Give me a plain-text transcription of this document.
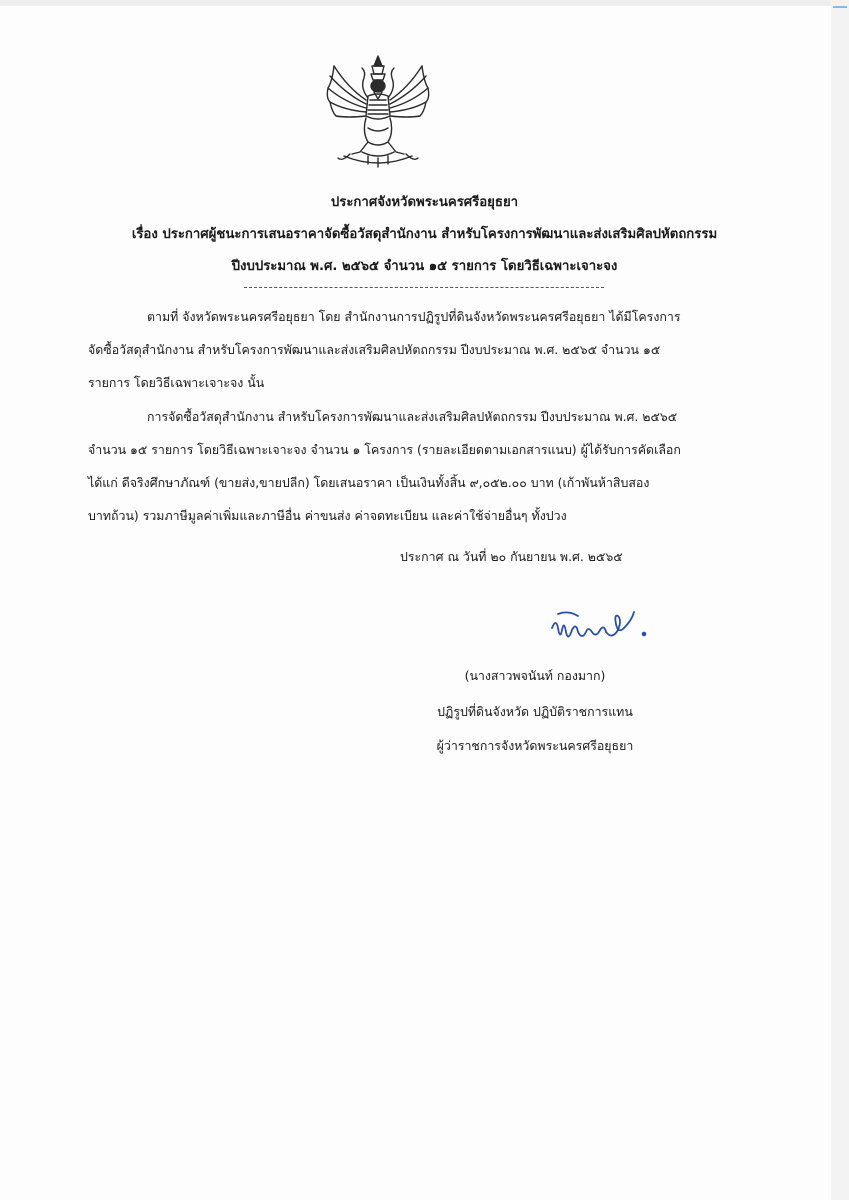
ประกาศจังหวัดพระนครศรีอยุธยา
เรื่อง ประกาศผู้ชนะการเสนอราคาจัดซื้อวัสดุสำนักงาน สำหรับโครงการพัฒนาและส่งเสริมศิลปหัตถกรรม
ปีงบประมาณ พ.ศ. ๒๕๖๕ จำนวน ๑๕ รายการ โดยวิธีเฉพาะเจาะจง
ตามที่ จังหวัดพระนครศรีอยุธยา โดย สำนักงานการปฏิรูปที่ดินจังหวัดพระนครศรีอยุธยา ได้มีโครงการ
จัดซื้อวัสดุสำนักงาน สำหรับโครงการพัฒนาและส่งเสริมศิลปหัตถกรรม ปีงบประมาณ พ.ศ. ๒๕๖๕ จำนวน ๑๕
รายการ โดยวิธีเฉพาะเจาะจง นั้น
การจัดซื้อวัสดุสำนักงาน สำหรับโครงการพัฒนาและส่งเสริมศิลปหัตถกรรม ปีงบประมาณ พ.ศ. ๒๕๖๕
จำนวน ๑๕ รายการ โดยวิธีเฉพาะเจาะจง จำนวน ๑ โครงการ (รายละเอียดตามเอกสารแนบ) ผู้ได้รับการคัดเลือก
ได้แก่ ดีจริงศึกษาภัณฑ์ (ขายส่ง,ขายปลีก) โดยเสนอราคา เป็นเงินทั้งสิ้น ๙,๐๕๒.๐๐ บาท (เก้าพันห้าสิบสอง
บาทถ้วน) รวมภาษีมูลค่าเพิ่มและภาษีอื่น ค่าขนส่ง ค่าจดทะเบียน และค่าใช้จ่ายอื่นๆ ทั้งปวง
ประกาศ ณ วันที่ ๒๐ กันยายน พ.ศ. ๒๕๖๕
(นางสาวพจนันท์ กองมาก)
ปฏิรูปที่ดินจังหวัด ปฏิบัติราชการแทน
ผู้ว่าราชการจังหวัดพระนครศรีอยุธยา
